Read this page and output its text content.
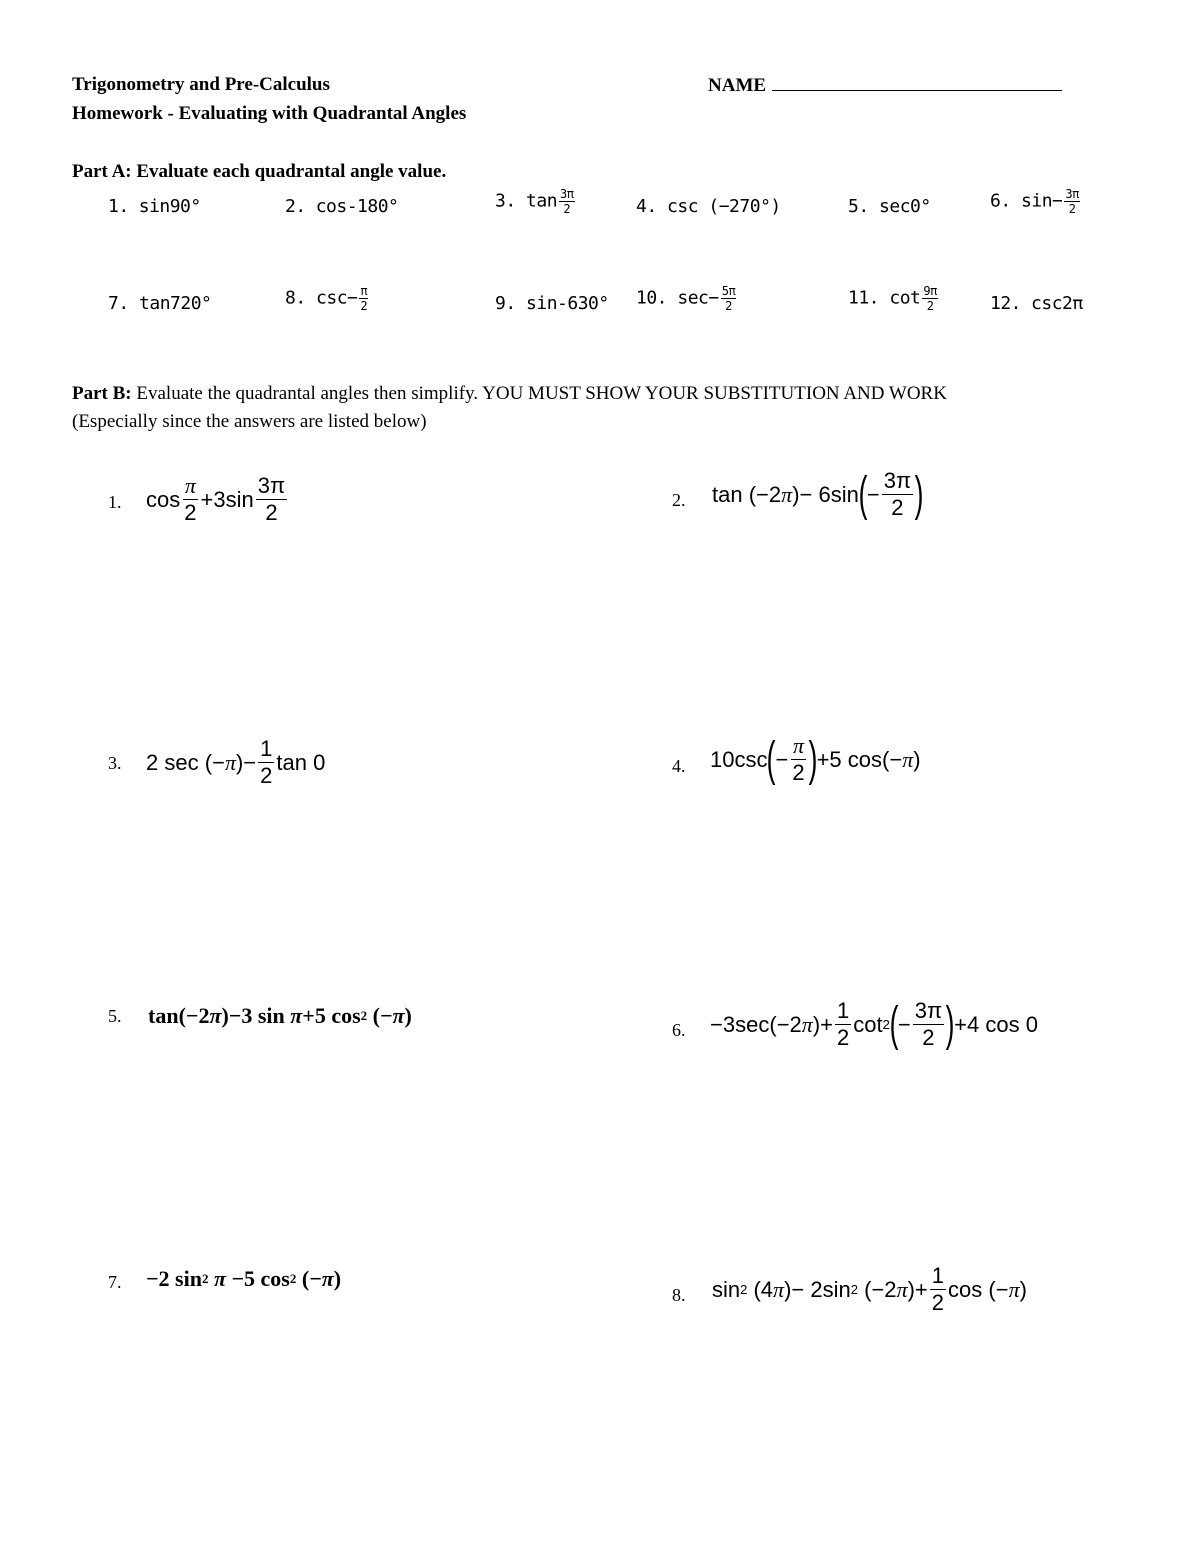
Trigonometry and Pre-Calculus
Homework - Evaluating with Quadrantal Angles
NAME
Part A: Evaluate each quadrantal angle value.
1. sin90°	2. cos-180°	3. $\tan \frac{3\pi}{2}$	4. csc (−270°)	5. sec0°	6. $\sin- \frac{3\pi}{2}$
7. tan720°	8. $\csc- \frac{\pi}{2}$	9. sin-630° 10. $\sec- \frac{5\pi}{2}$	11. $\cot \frac{9\pi}{2}$	12. csc2π
Part B: Evaluate the quadrantal angles then simplify. YOU MUST SHOW YOUR SUBSTITUTION AND WORK
(Especially since the answers are listed below)
1. $\cos \frac{\pi}{2} + 3$ $\sin \frac{3\pi}{2}$	2. tan ( − 2 π ) − 6 sin ( − $\frac{3\pi}{2}$ )
3. 2
sec ( − π ) − $\frac{1}{2}$ tan 0	4. 10 csc ( − $\frac{\pi}{2}$ ) + 5 cos ( − π )
5. tan ( − 2 π ) − 3 sin
π + 5 cos 2 ( − π )
6. − 3 sec ( − 2 π ) + $\frac{1}{2}$ cot 2 ( − $\frac{3\pi}{2}$ ) + 4 cos 0
7. − 2 sin 2
π
− 5 cos 2 ( − π )
8. sin 2 (4 π ) − 2 sin 2 ( − 2 π ) + $\frac{1}{2}$ cos ( − π )
